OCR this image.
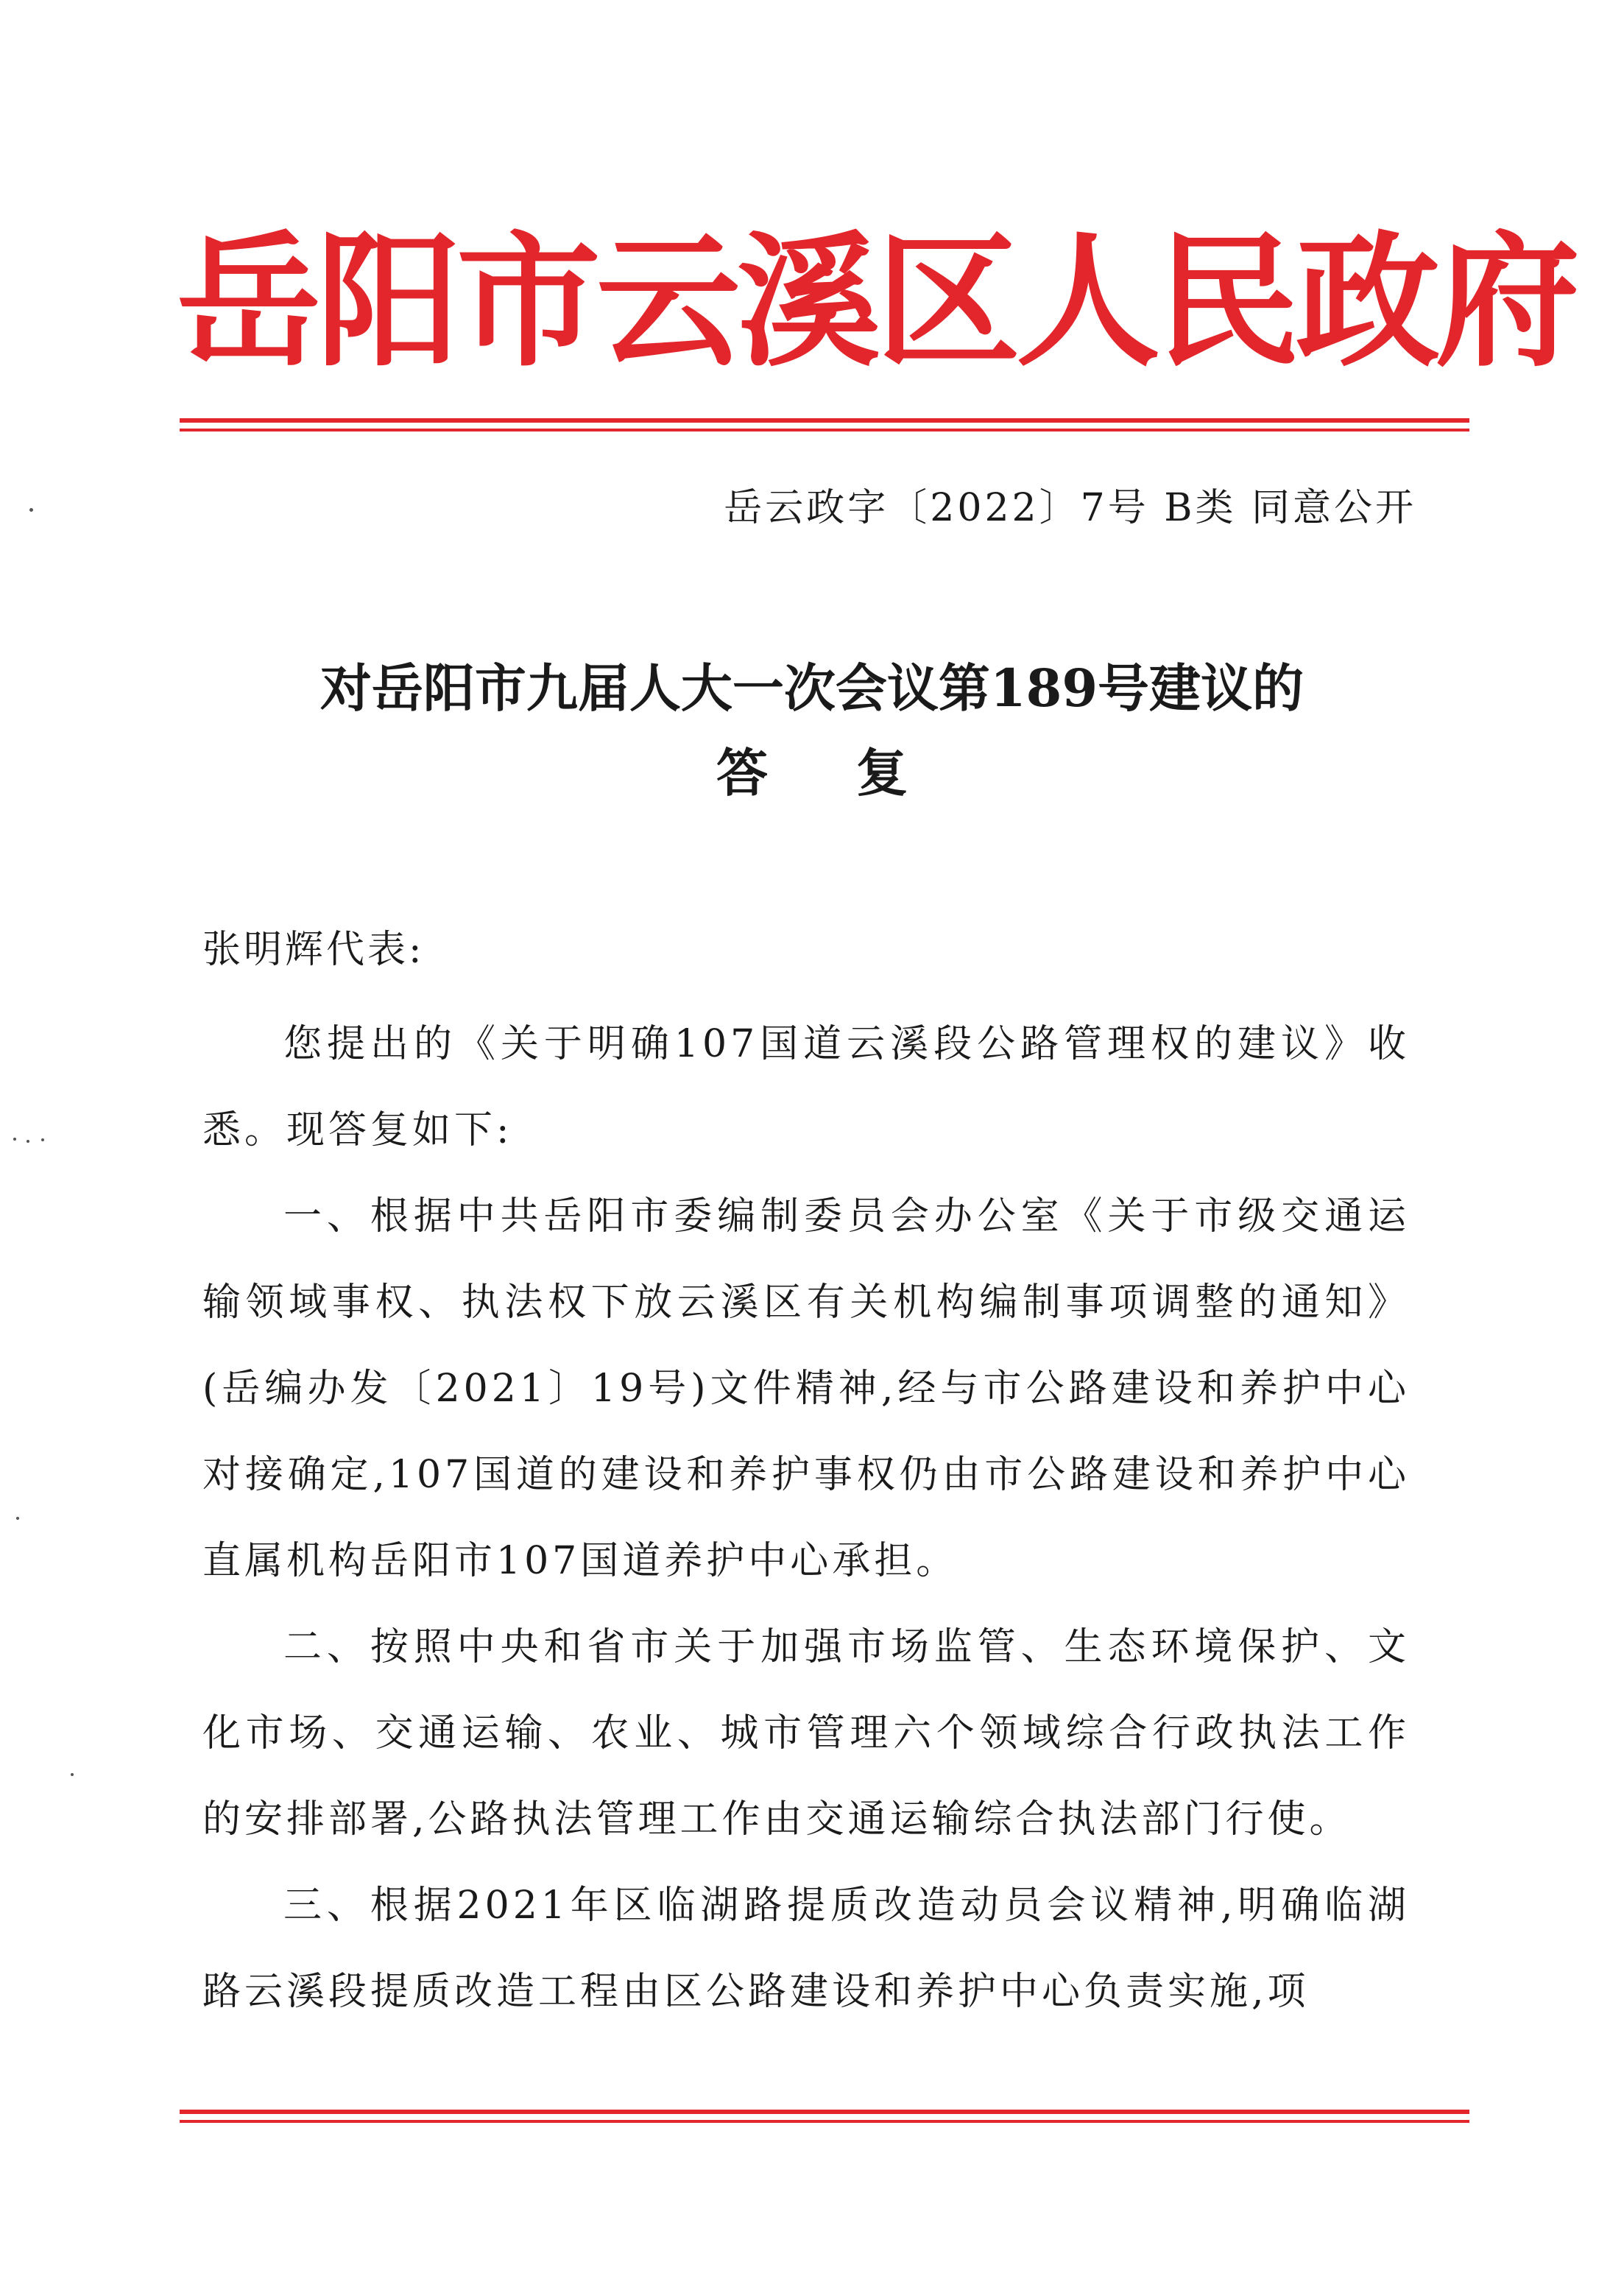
岳阳市云溪区人民政府
岳云政字〔2022〕7号 B类 同意公开
对岳阳市九届人大一次会议第189号建议的
答复
张明辉代表:

您提出的《关于明确107国道云溪段公路管理权的建议》收悉。现答复如下:

一、根据中共岳阳市委编制委员会办公室《关于市级交通运输领域事权、执法权下放云溪区有关机构编制事项调整的通知》(岳编办发〔2021〕19号)文件精神,经与市公路建设和养护中心对接确定,107国道的建设和养护事权仍由市公路建设和养护中心直属机构岳阳市107国道养护中心承担。

二、按照中央和省市关于加强市场监管、生态环境保护、文化市场、交通运输、农业、城市管理六个领域综合行政执法工作的安排部署,公路执法管理工作由交通运输综合执法部门行使。

三、根据2021年区临湖路提质改造动员会议精神,明确临湖路云溪段提质改造工程由区公路建设和养护中心负责实施,项
